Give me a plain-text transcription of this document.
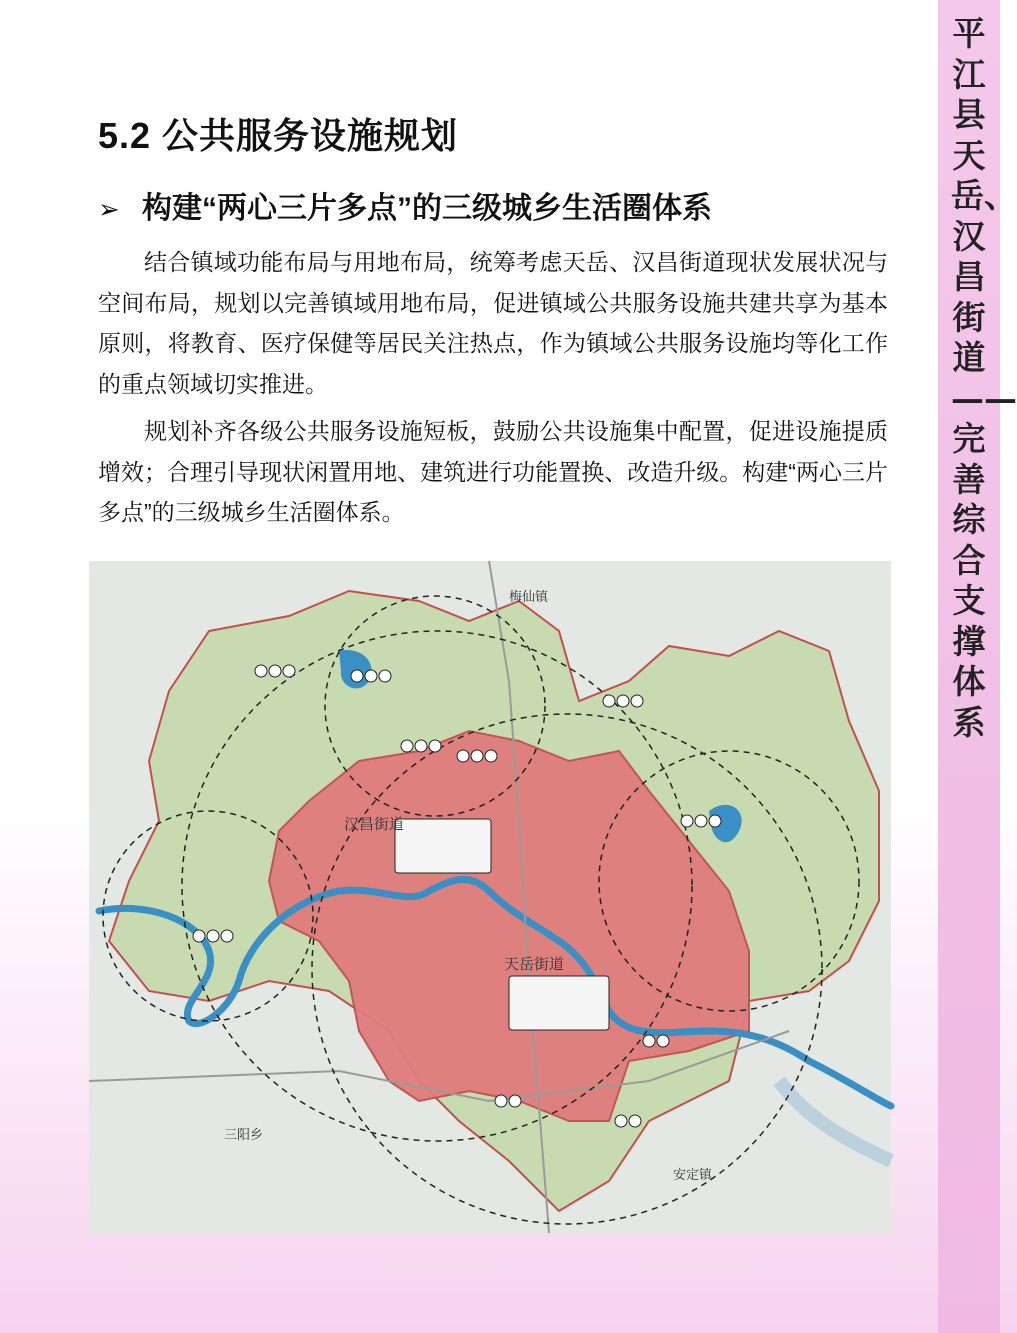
平江县天岳、汉昌街道——完善综合支撑体系
5.2 公共服务设施规划
➢ 构建“两心三片多点”的三级城乡生活圈体系
结合镇域功能布局与用地布局，统筹考虑天岳、汉昌街道现状发展状况与空间布局，规划以完善镇域用地布局，促进镇域公共服务设施共建共享为基本原则，将教育、医疗保健等居民关注热点，作为镇域公共服务设施均等化工作的重点领域切实推进。
规划补齐各级公共服务设施短板，鼓励公共设施集中配置，促进设施提质增效；合理引导现状闲置用地、建筑进行功能置换、改造升级。构建“两心三片多点”的三级城乡生活圈体系。
梅仙镇
汉昌街道
天岳街道
三阳乡
安定镇
